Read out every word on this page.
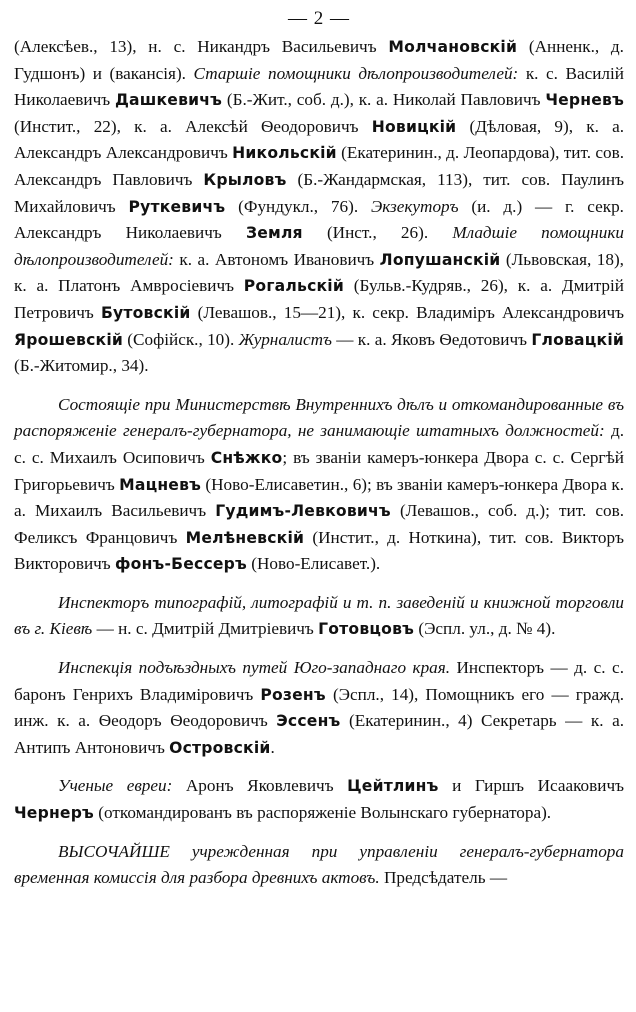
— 2 —

(Алексѣев., 13), н. с. Никандръ Васильевичъ Молчановскій (Анненк., д. Гудшонъ) и (вакансія). Старшіе помощники дѣлопроизводителей: к. с. Василій Николаевичъ Дашкевичъ (Б.-Жит., соб. д.), к. а. Николай Павловичъ Черневъ (Инстит., 22), к. а. Алексѣй Ѳеодоровичъ Новицкій (Дѣловая, 9), к. а. Александръ Александровичъ Никольскій (Екатеринин., д. Леопардова), тит. сов. Александръ Павловичъ Крыловъ (Б.-Жандармская, 113), тит. сов. Паулинъ Михайловичъ Руткевичъ (Фундукл., 76). Экзекуторъ (и. д.) — г. секр. Александръ Николаевичъ Земля (Инст., 26). Младшіе помощники дѣлопроизводителей: к. а. Автономъ Ивановичъ Лопушанскій (Львовская, 18), к. а. Платонъ Амвросіевичъ Рогальскій (Бульв.-Кудряв., 26), к. а. Дмитрій Петровичъ Бутовскій (Левашов., 15—21), к. секр. Владиміръ Александровичъ Ярошевскій (Софійск., 10). Журналистъ — к. а. Яковъ Ѳедотовичъ Гловацкій (Б.-Житомир., 34).

Состоящіе при Министерствѣ Внутреннихъ дѣлъ и откомандированные въ распоряженіе генералъ-губернатора, не занимающіе штатныхъ должностей: д. с. с. Михаилъ Осиповичъ Снѣжко; въ званіи камеръ-юнкера Двора с. с. Сергѣй Григорьевичъ Мацневъ (Ново-Елисаветин., 6); въ званіи камеръ-юнкера Двора к. а. Михаилъ Васильевичъ Гудимъ-Левковичъ (Левашов., соб. д.); тит. сов. Феликсъ Францовичъ Мелѣневскій (Инстит., д. Ноткина), тит. сов. Викторъ Викторовичъ фонъ-Бессеръ (Ново-Елисавет.).

Инспекторъ типографій, литографій и т. п. заведеній и книжной торговли въ г. Кіевѣ — н. с. Дмитрій Дмитріевичъ Готовцовъ (Эспл. ул., д. № 4).

Инспекція подъѣздныхъ путей Юго-западнаго края. Инспекторъ — д. с. с. баронъ Генрихъ Владиміровичъ Розенъ (Эспл., 14), Помощникъ его — гражд. инж. к. а. Ѳеодоръ Ѳеодоровичъ Эссенъ (Екатеринин., 4) Секретарь — к. а. Антипъ Антоновичъ Островскій.

Ученые евреи: Аронъ Яковлевичъ Цейтлинъ и Гиршъ Исааковичъ Чернеръ (откомандированъ въ распоряженіе Волынскаго губернатора).

ВЫСОЧАЙШЕ учрежденная при управленіи генералъ-губернатора временная комиссія для разбора древнихъ актовъ. Предсѣдатель —
